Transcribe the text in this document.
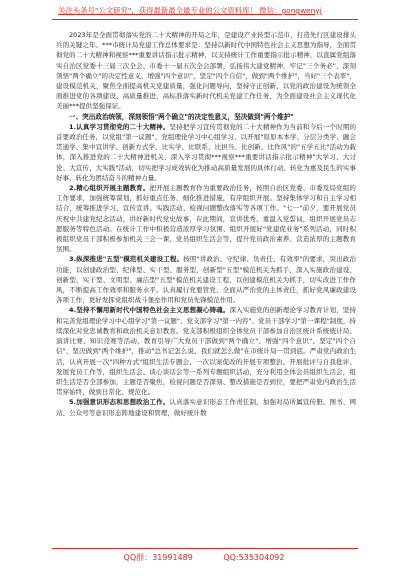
关注头条号"公文研究"，获得最新最全最专业的公文资料库！ 微信：gongwenyj

2023年是全面贯彻落实党的二十大精神的开局之年，是建设产业转型示范市、打造先行区建设排头兵的关键之年。***市统计局党建工作总体要求是：坚持以新时代中国特色社会主义思想为指导，全面贯彻党的二十大精神和视察***重要讲话指示批示精神，以支持统计工作重要指示批示精神，以直属党组落实自治区党委十三届三次全会、市委十一届五次全会部署，弘扬伟大建党精神，牢记"三个务必"，深刻领悟"两个确立"的决定性意义，增强"四个意识"，坚定"四个自信"，做到"两个维护"，当好"三个表率"，建设模范机关，聚焦全面提高机关党建质量，强化问题导向，坚持守正创新，以党的政治建设为统领全面推进党的各项建设，高质量推进、高标准落实新时代机关党建工作任务，为全面建设社会主义现代化美丽***提供坚强保证。

一、突出政治统领，深刻领悟"两个确立"的决定性意义，坚决做到"两个维护"

1.认真学习贯彻党的二十大精神。坚持把学习宣传贯彻党的二十大精神作为当前和今后一个时期的首要政治任务，以党组"第一议题"、党组理论学习中心组学习、以开展"原原本本学、分层分类学、融会贯通学、集中宣讲学、创新方式学、比实学、比联系、比担当、比创新、比作风"的"五学五比"活动为载体，深入推进党的二十大精神进机关、深入学习贯彻***视察***重要讲话指示批示精神"大学习、大讨论、大宣传、大实践"活动，切实把学习成效转化为推动高质量发展的具体行动、转化为惠及民生的实事好事、转化为团结奋斗的精神力量。

2.精心组织开展主题教育。把开展主题教育作为重要政治任务，按照自治区党委、市委及局党组的工作要求，加强统筹谋划，抓好重点任务，细化推进措施，有序组织开展。坚持集体学习和自主学习相结合，统筹推进学习、宣传宣讲、实践活动、检视问题整改落实等各项工作。"七一"前夕，要开展党员庆祝中共建党纪念活动，讲好新时代党史故事，在此期间，宣讲优秀、重温入党誓词，组织开展党员志愿服务等特色活动。在统计工作中积极营造浓厚学习氛围、组织开展好"党建促业务"系列活动，同时积极组织党员干部积极参加机关三会一课、党员组织生活会等，提升党员政治素养、营造浓厚的主题教育氛围。

3.纵深推进"五型"模范机关建设工程。按照"讲政治、守纪律、负责任、有效率"的要求，突出政治功能，以创建政治型、纪律型、实干型、服务型、创新型"五型"模范机关为抓手，深入实施政治建设、创新型、实干型、文明型、廉洁型"五型"模范机关建设工程，以创建模范机关为抓手，切实改进工作作风，不断提高工作效率和服务水平。认真履行党要管党、全面从严治党的主体责任，抓好党风廉政建设各项工作，更好发挥党组织战斗堡垒作用和党员先锋模范作用。

4.坚持不懈用新时代中国特色社会主义思想凝心铸魂。深入实施党的创新理论学习教育计划，坚持和完善党组理论学习中心组学习"第一议题"、党支部学习"第一内容"、党员干部学习"第一课程"制度，持续深化对党忠诚教育和政治机关意识教育。党支部积极组织全体党员干部参加自治区统计系统统计局、演讲比赛、知识竞赛等活动，教育引导广大党员干部做到"两个确立"、增强"四个意识"、坚定"四个自信"、坚决做到"两个维护"，推动"总书记怎么说、我们就怎么做"在市统计局一贯到底。严肃党内政治生活，认真开展一次"四种方式"组织生活专题会、一次以案促改的开展专项整治、开展批评与自我批评、发展党员工作等，组织生活会、谈心谈话会等一系列专题组织活动，充分利用全体会员组织生活会，组织生活是否全部参加，主题是否聚焦，检视问题是否深刻、整改措施是否到位，要把严肃党内政治生活贯穿始终，做到日常化、规范化。

5.加强意识形态和思想政治工作。认真落实意识形态工作责任制，加强对局所属宣传册、图书、网站、公众号等意识形态阵地建设和管理，做好统计数

QQ群：31991489	QQ:535304092
